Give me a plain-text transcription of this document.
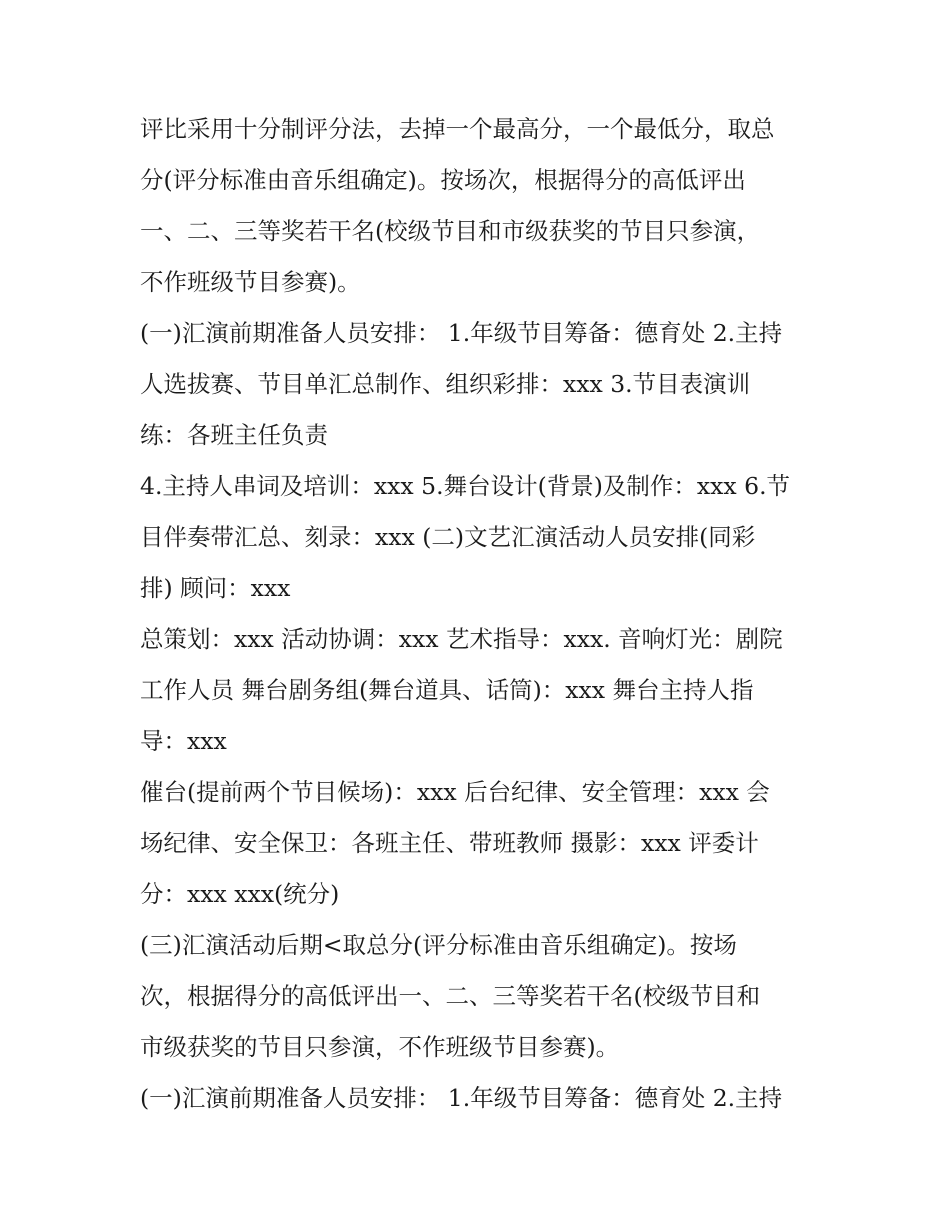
评比采用十分制评分法，去掉一个最高分，一个最低分，取总
分(评分标准由音乐组确定)。按场次，根据得分的高低评出
一、二、三等奖若干名(校级节目和市级获奖的节目只参演，
不作班级节目参赛)。
(一)汇演前期准备人员安排： 1.年级节目筹备：德育处 2.主持
人选拔赛、节目单汇总制作、组织彩排：xxx 3.节目表演训
练：各班主任负责
4.主持人串词及培训：xxx 5.舞台设计(背景)及制作：xxx 6.节
目伴奏带汇总、刻录：xxx (二)文艺汇演活动人员安排(同彩
排) 顾问：xxx
总策划：xxx 活动协调：xxx 艺术指导：xxx. 音响灯光：剧院
工作人员 舞台剧务组(舞台道具、话筒)：xxx 舞台主持人指
导：xxx
催台(提前两个节目候场)：xxx 后台纪律、安全管理：xxx 会
场纪律、安全保卫：各班主任、带班教师 摄影：xxx 评委计
分：xxx xxx(统分)
(三)汇演活动后期<取总分(评分标准由音乐组确定)。按场
次，根据得分的高低评出一、二、三等奖若干名(校级节目和
市级获奖的节目只参演，不作班级节目参赛)。
(一)汇演前期准备人员安排： 1.年级节目筹备：德育处 2.主持
